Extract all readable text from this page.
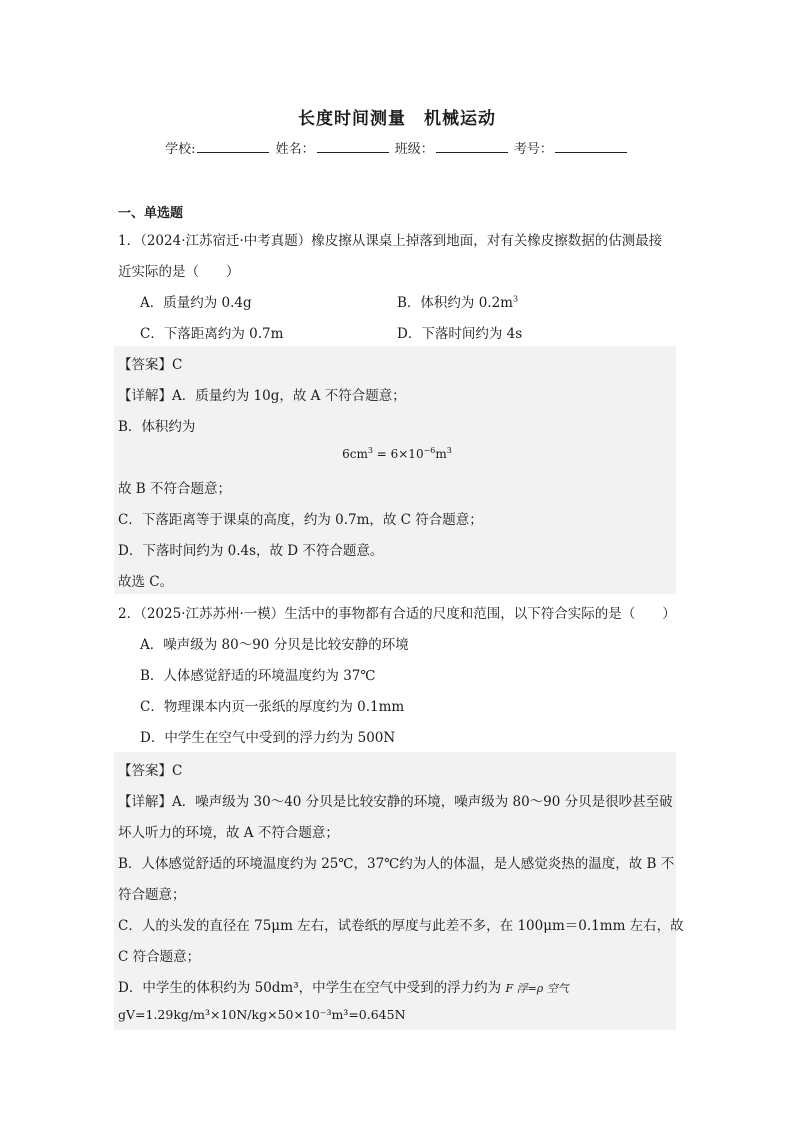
长度时间测量　机械运动
学校:	姓名：	班级：	考号：
一、单选题
1．（2024·江苏宿迁·中考真题）橡皮擦从课桌上掉落到地面，对有关橡皮擦数据的估测最接
近实际的是（　　）
A．质量约为 0.4g	B．体积约为 $0.2m^3$
C．下落距离约为 0.7m	D．下落时间约为 4s
【答案】C
【详解】A．质量约为 10g，故 A 不符合题意；
B．体积约为
$6cm^3 = 6\times 10^{-6}m^3$
故 B 不符合题意；
C．下落距离等于课桌的高度，约为 0.7m，故 C 符合题意；
D．下落时间约为 0.4s，故 D 不符合题意。
故选 C。
2．（2025·江苏苏州·一模）生活中的事物都有合适的尺度和范围，以下符合实际的是（　　）
A．噪声级为 80～90 分贝是比较安静的环境
B．人体感觉舒适的环境温度约为 37℃
C．物理课本内页一张纸的厚度约为 0.1mm
D．中学生在空气中受到的浮力约为 500N
【答案】C
【详解】A．噪声级为 30～40 分贝是比较安静的环境，噪声级为 80～90 分贝是很吵甚至破
坏人听力的环境，故 A 不符合题意；
B．人体感觉舒适的环境温度约为 25℃，37℃约为人的体温，是人感觉炎热的温度，故 B 不
符合题意；
C．人的头发的直径在 75μm 左右，试卷纸的厚度与此差不多，在 100μm＝0.1mm 左右，故
C 符合题意；
D．中学生的体积约为 50dm³，中学生在空气中受到的浮力约为 F 浮=ρ 空气
gV=1.29kg/m³×10N/kg×50×10⁻³m³=0.645N
